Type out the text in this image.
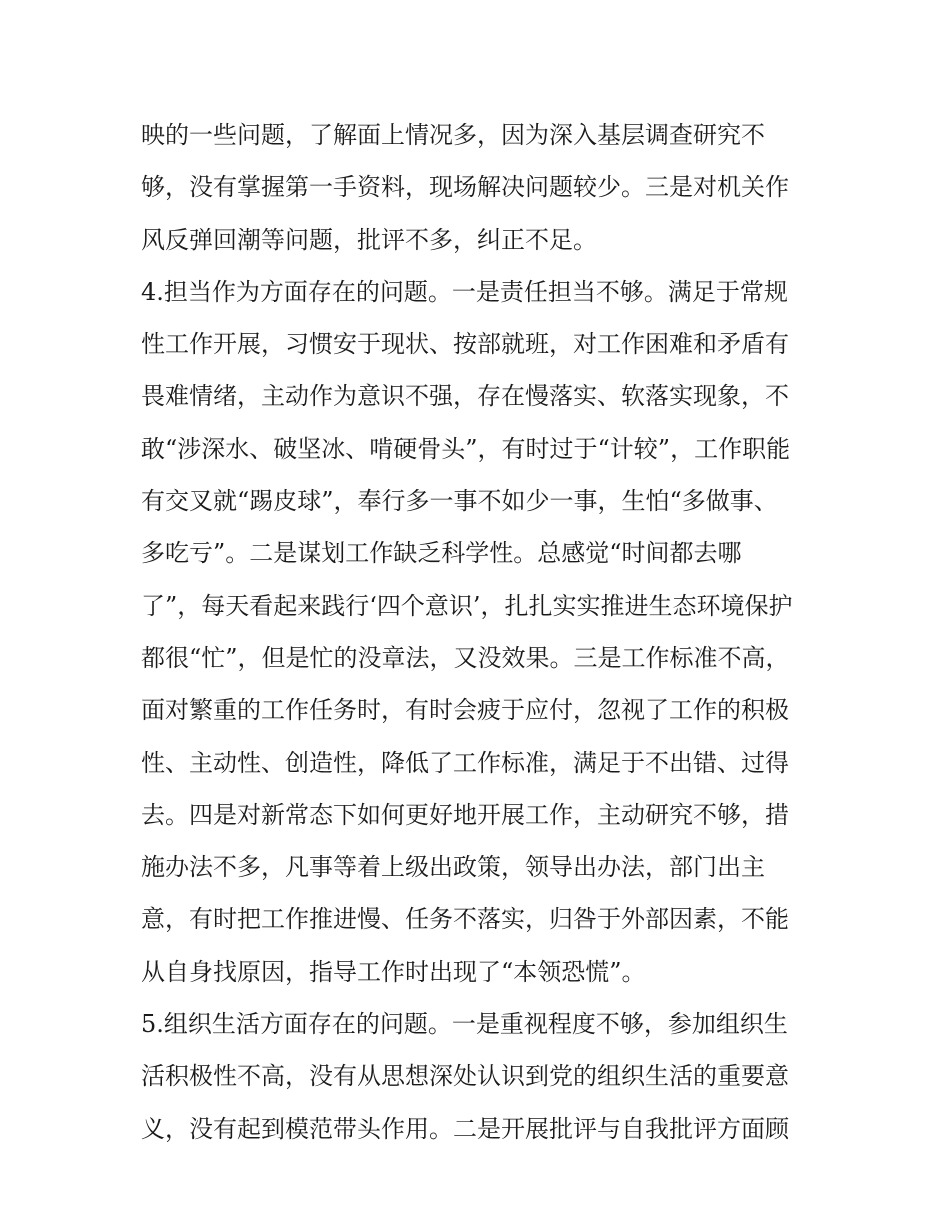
映的一些问题，了解面上情况多，因为深入基层调查研究不
够，没有掌握第一手资料，现场解决问题较少。三是对机关作
风反弹回潮等问题，批评不多，纠正不足。
4.担当作为方面存在的问题。一是责任担当不够。满足于常规
性工作开展，习惯安于现状、按部就班，对工作困难和矛盾有
畏难情绪，主动作为意识不强，存在慢落实、软落实现象，不
敢“涉深水、破坚冰、啃硬骨头”，有时过于“计较”，工作职能
有交叉就“踢皮球”，奉行多一事不如少一事，生怕“多做事、
多吃亏”。二是谋划工作缺乏科学性。总感觉“时间都去哪
了”，每天看起来践行‘四个意识’，扎扎实实推进生态环境保护
都很“忙”，但是忙的没章法，又没效果。三是工作标准不高，
面对繁重的工作任务时，有时会疲于应付，忽视了工作的积极
性、主动性、创造性，降低了工作标准，满足于不出错、过得
去。四是对新常态下如何更好地开展工作，主动研究不够，措
施办法不多，凡事等着上级出政策，领导出办法，部门出主
意，有时把工作推进慢、任务不落实，归咎于外部因素，不能
从自身找原因，指导工作时出现了“本领恐慌”。
5.组织生活方面存在的问题。一是重视程度不够，参加组织生
活积极性不高，没有从思想深处认识到党的组织生活的重要意
义，没有起到模范带头作用。二是开展批评与自我批评方面顾
